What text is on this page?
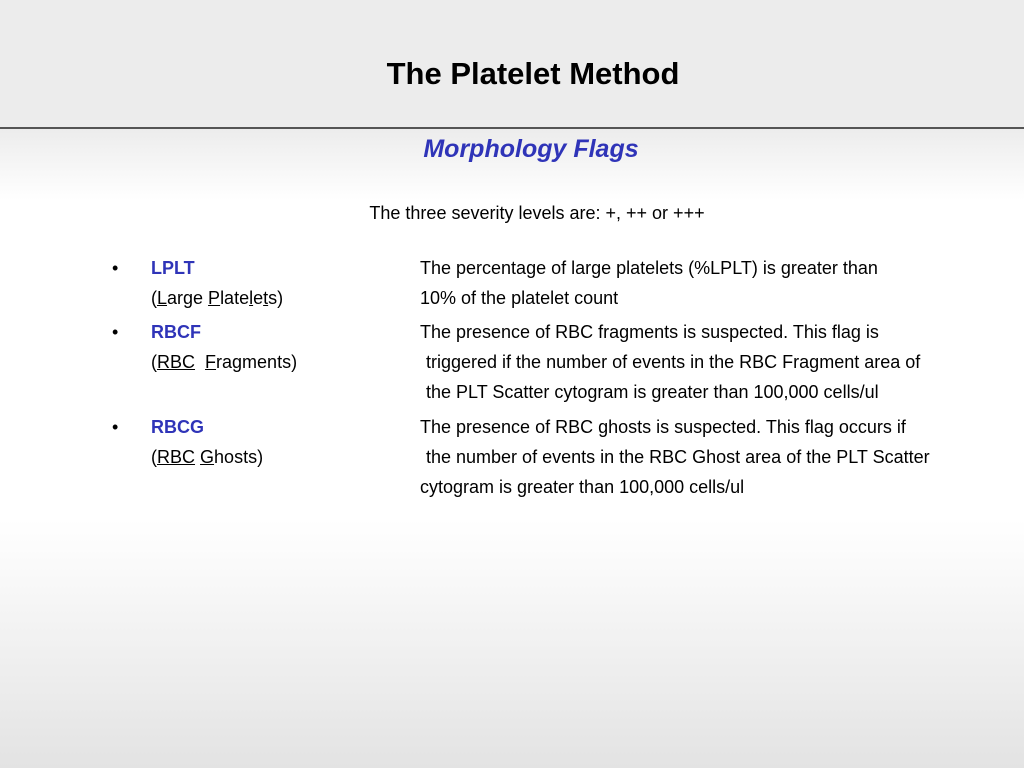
The Platelet Method
Morphology Flags
The three severity levels are: +, ++ or +++
• LPLT
(Large Platelets)
The percentage of large platelets (%LPLT) is greater than
10% of the platelet count
• RBCF
(RBC Fragments)
The presence of RBC fragments is suspected. This flag is
triggered if the number of events in the RBC Fragment area of
the PLT Scatter cytogram is greater than 100,000 cells/ul
• RBCG
(RBC Ghosts)
The presence of RBC ghosts is suspected. This flag occurs if
the number of events in the RBC Ghost area of the PLT Scatter
cytogram is greater than 100,000 cells/ul
